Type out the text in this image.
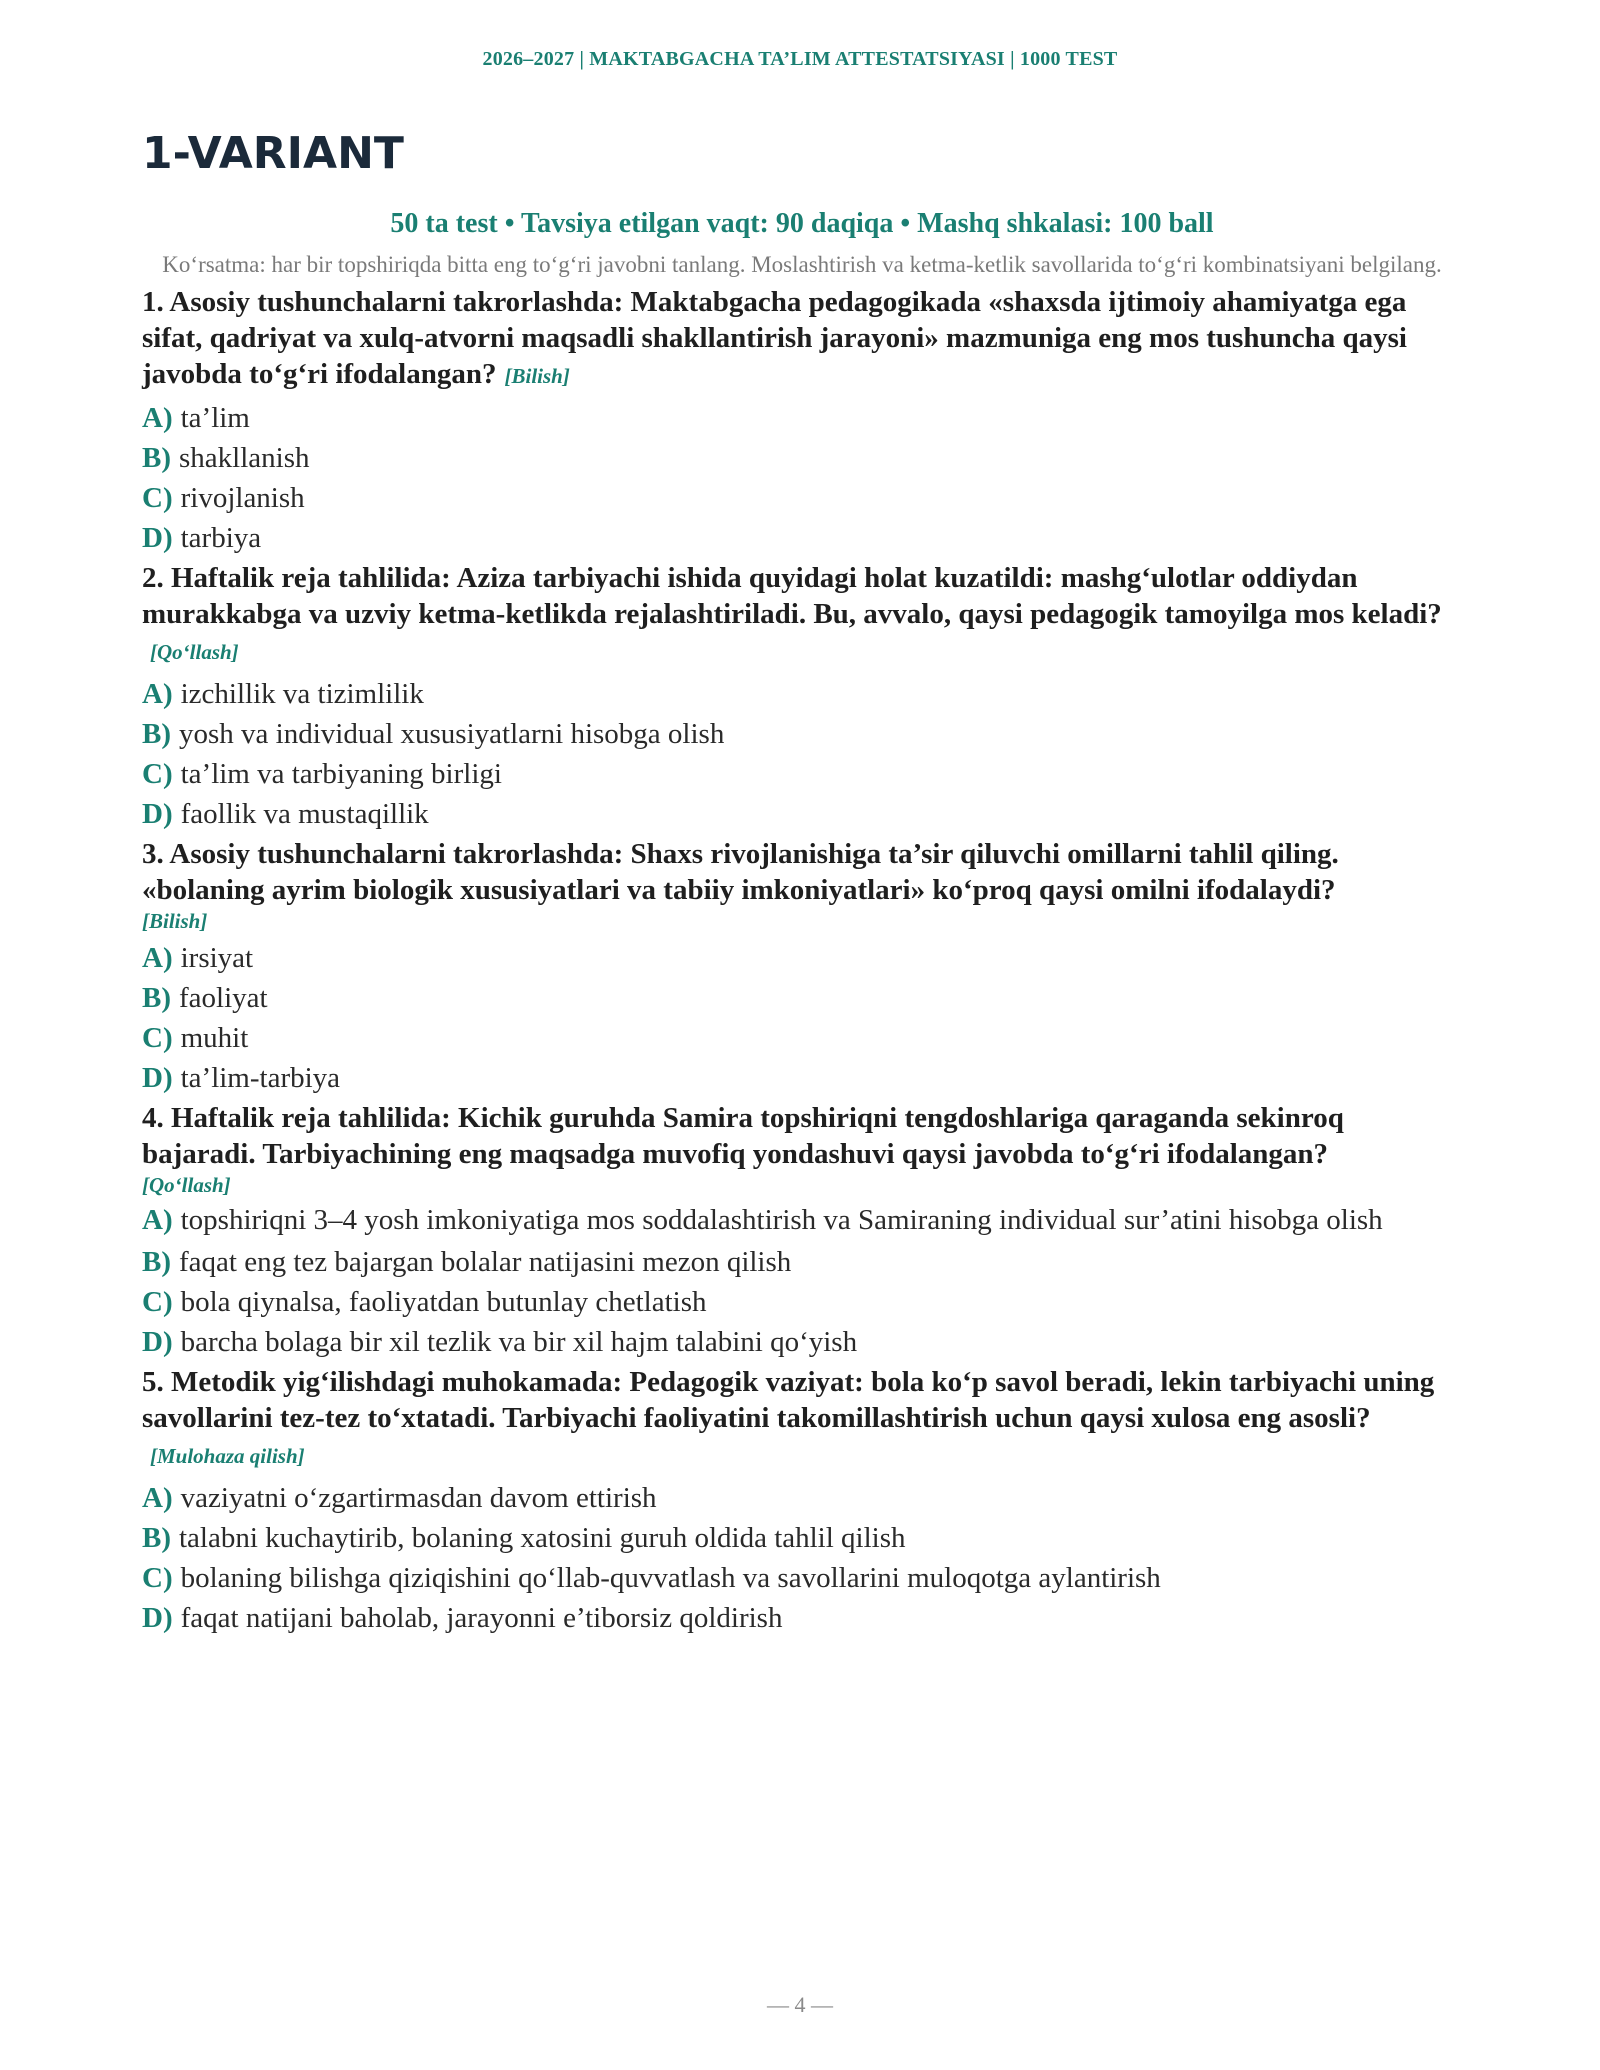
2026–2027 | MAKTABGACHA TA’LIM ATTESTATSIYASI | 1000 TEST
1-VARIANT
50 ta test • Tavsiya etilgan vaqt: 90 daqiqa • Mashq shkalasi: 100 ball
Ko‘rsatma: har bir topshiriqda bitta eng to‘g‘ri javobni tanlang. Moslashtirish va ketma-ketlik savollarida to‘g‘ri kombinatsiyani belgilang.
1. Asosiy tushunchalarni takrorlashda: Maktabgacha pedagogikada «shaxsda ijtimoiy ahamiyatga ega sifat, qadriyat va xulq-atvorni maqsadli shakllantirish jarayoni» mazmuniga eng mos tushuncha qaysi javobda to‘g‘ri ifodalangan? [Bilish]
A) ta’lim
B) shakllanish
C) rivojlanish
D) tarbiya
2. Haftalik reja tahlilida: Aziza tarbiyachi ishida quyidagi holat kuzatildi: mashg‘ulotlar oddiydan murakkabga va uzviy ketma-ketlikda rejalashtiriladi. Bu, avvalo, qaysi pedagogik tamoyilga mos keladi?[Qo‘llash]
A) izchillik va tizimlilik
B) yosh va individual xususiyatlarni hisobga olish
C) ta’lim va tarbiyaning birligi
D) faollik va mustaqillik
3. Asosiy tushunchalarni takrorlashda: Shaxs rivojlanishiga ta’sir qiluvchi omillarni tahlil qiling. «bolaning ayrim biologik xususiyatlari va tabiiy imkoniyatlari» ko‘proq qaysi omilni ifodalaydi?
[Bilish]
A) irsiyat
B) faoliyat
C) muhit
D) ta’lim-tarbiya
4. Haftalik reja tahlilida: Kichik guruhda Samira topshiriqni tengdoshlariga qaraganda sekinroq bajaradi. Tarbiyachining eng maqsadga muvofiq yondashuvi qaysi javobda to‘g‘ri ifodalangan?
[Qo‘llash]
A) topshiriqni 3–4 yosh imkoniyatiga mos soddalashtirish va Samiraning individual sur’atini hisobga olish
B) faqat eng tez bajargan bolalar natijasini mezon qilish
C) bola qiynalsa, faoliyatdan butunlay chetlatish
D) barcha bolaga bir xil tezlik va bir xil hajm talabini qo‘yish
5. Metodik yig‘ilishdagi muhokamada: Pedagogik vaziyat: bola ko‘p savol beradi, lekin tarbiyachi uning savollarini tez-tez to‘xtatadi. Tarbiyachi faoliyatini takomillashtirish uchun qaysi xulosa eng asosli?[Mulohaza qilish]
A) vaziyatni o‘zgartirmasdan davom ettirish
B) talabni kuchaytirib, bolaning xatosini guruh oldida tahlil qilish
C) bolaning bilishga qiziqishini qo‘llab-quvvatlash va savollarini muloqotga aylantirish
D) faqat natijani baholab, jarayonni e’tiborsiz qoldirish
— 4 —
